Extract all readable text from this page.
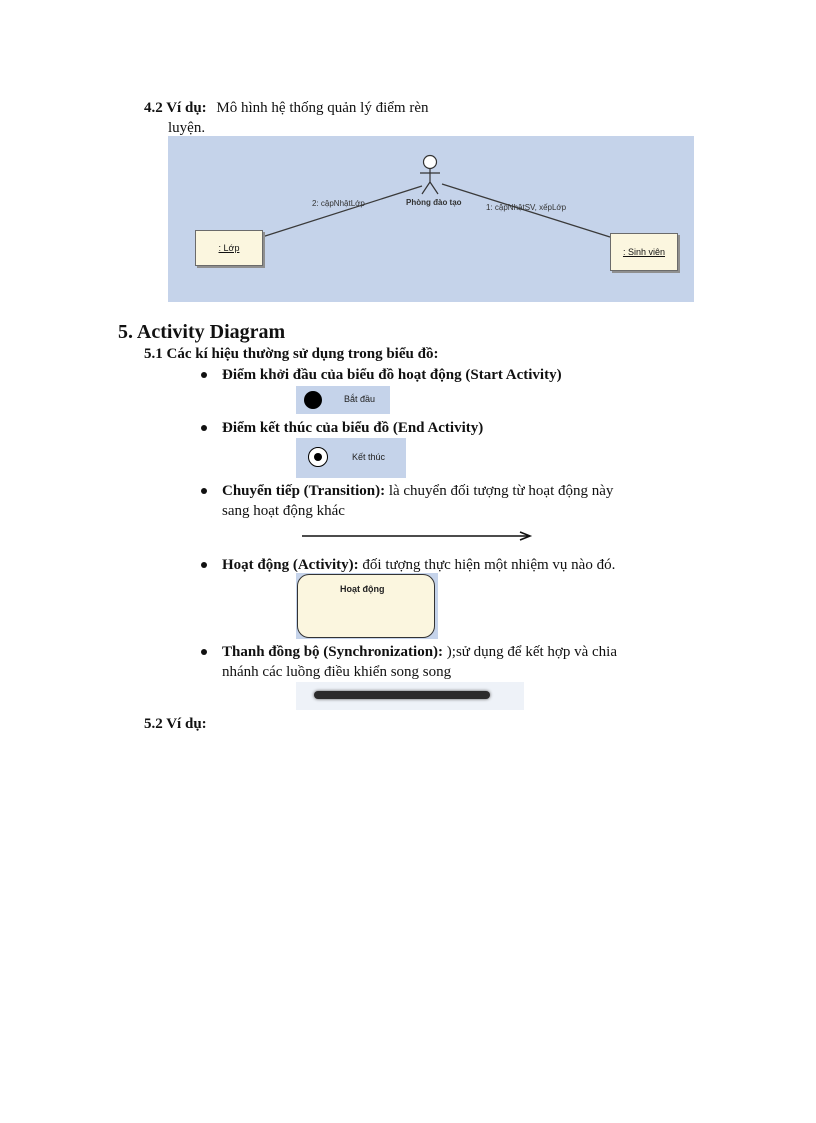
4.2 Ví dụ: Mô hình hệ thống quản lý điểm rèn
luyện.
Phòng đào tạo
2: cậpNhậtLớp	1: cậpNhậtSV, xếpLớp
: Lớp	: Sinh viên
5. Activity Diagram
5.1 Các kí hiệu thường sử dụng trong biểu đồ:
Điểm khởi đầu của biểu đồ hoạt động (Start Activity)
Bắt đầu
Điểm kết thúc của biểu đồ (End Activity)
Kết thúc
Chuyển tiếp (Transition): là chuyển đối tượng từ hoạt động này
sang hoạt động khác
Hoạt động (Activity): đối tượng thực hiện một nhiệm vụ nào đó.
Hoạt động
Thanh đồng bộ (Synchronization): );sử dụng để kết hợp và chia
nhánh các luồng điều khiển song song
5.2 Ví dụ:
